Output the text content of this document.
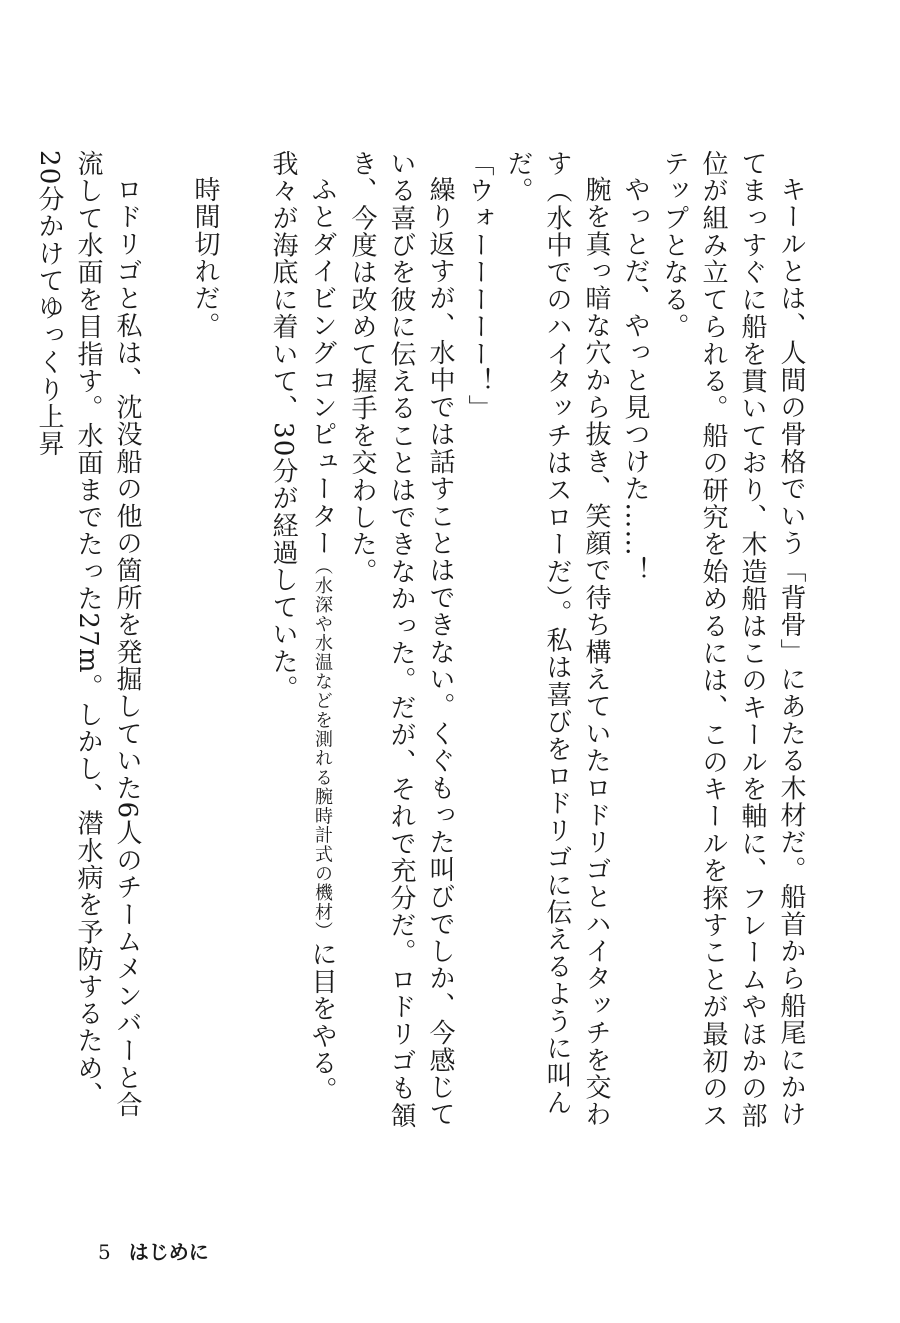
キールとは、人間の骨格でいう「背骨」にあたる木材だ。船首から船尾にかけてまっすぐに船を貫いており、木造船はこのキールを軸に、フレームやほかの部位が組み立てられる。船の研究を始めるには、このキールを探すことが最初のステップとなる。

やっとだ、やっと見つけた……！

腕を真っ暗な穴から抜き、笑顔で待ち構えていたロドリゴとハイタッチを交わす（水中でのハイタッチはスローだ）。私は喜びをロドリゴに伝えるように叫んだ。

「ウォーーーーー！」

繰り返すが、水中では話すことはできない。くぐもった叫びでしか、今感じている喜びを彼に伝えることはできなかった。だが、それで充分だ。ロドリゴも頷き、今度は改めて握手を交わした。

ふとダイビングコンピューター（水深や水温などを測れる腕時計式の機材）に目をやる。我々が海底に着いて、30分が経過していた。

時間切れだ。

ロドリゴと私は、沈没船の他の箇所を発掘していた6人のチームメンバーと合流して水面を目指す。水面までたった27m。しかし、潜水病を予防するため、20分かけてゆっくり上昇

5 はじめに
